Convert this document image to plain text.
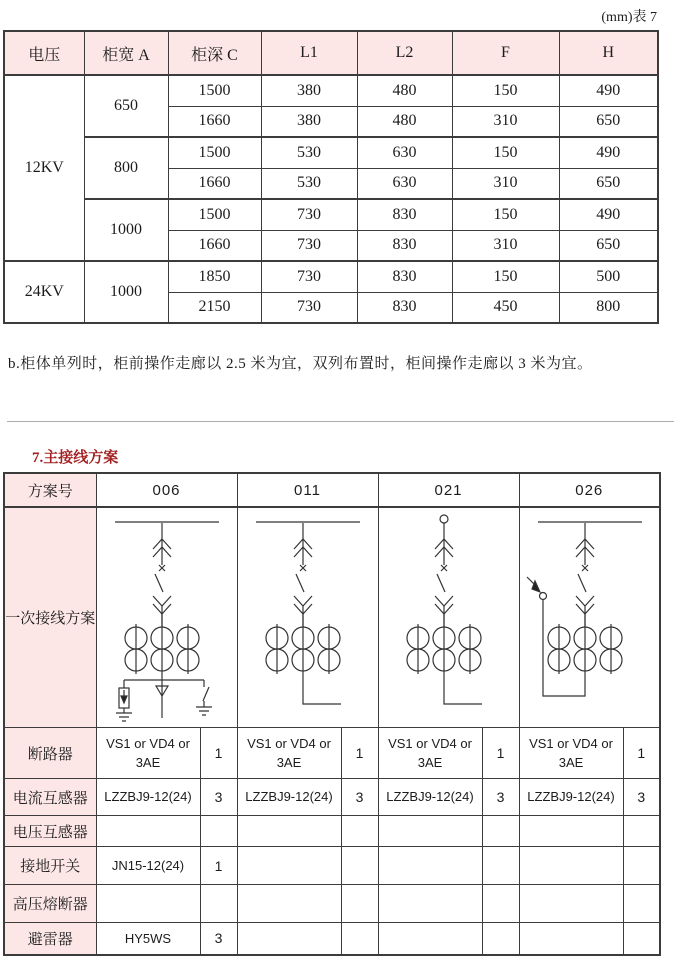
(mm)表 7
电压	柜宽 A	柜深 C	L1	L2	F	H
12KV	650	1500	380	480	150	490
		1660	380	480	310	650
	800	1500	530	630	150	490
		1660	530	630	310	650
	1000	1500	730	830	150	490
		1660	730	830	310	650
24KV	1000	1850	730	830	150	500
		2150	730	830	450	800

b.柜体单列时，柜前操作走廊以 2.5 米为宜，双列布置时，柜间操作走廊以 3 米为宜。

7.主接线方案
方案号	006		011		021		026	
一次接线方案	

断路器	VS1 or VD4 or 3AE	1	VS1 or VD4 or 3AE	1	VS1 or VD4 or 3AE	1	VS1 or VD4 or 3AE	1
电流互感器	LZZBJ9-12(24)	3	LZZBJ9-12(24)	3	LZZBJ9-12(24)	3	LZZBJ9-12(24)	3
电压互感器								
接地开关	JN15-12(24)	1						
高压熔断器								
避雷器	HY5WS	3						
